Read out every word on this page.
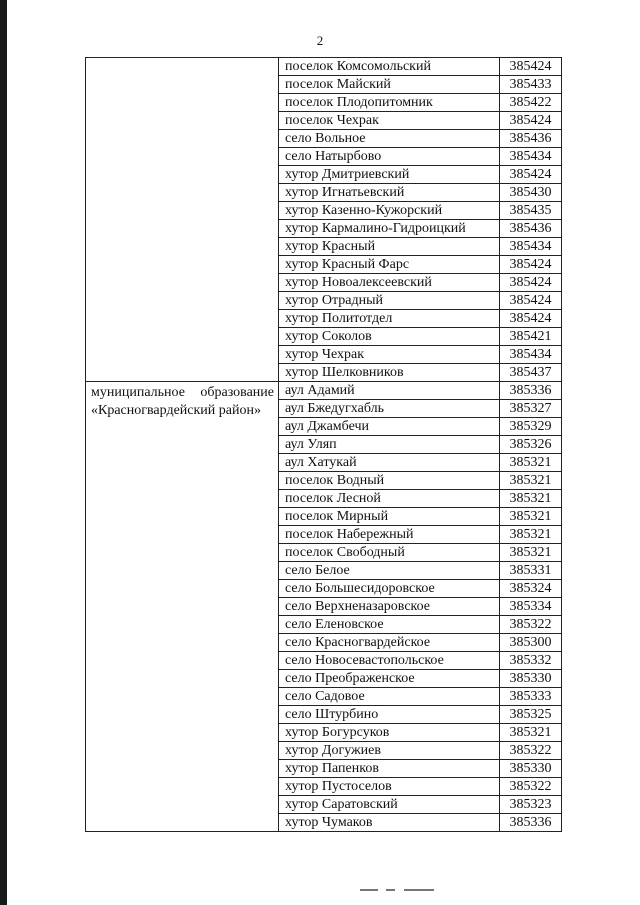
2
	поселок Комсомольский	385424
	поселок Майский	385433
	поселок Плодопитомник	385422
	поселок Чехрак	385424
	село Вольное	385436
	село Натырбово	385434
	хутор Дмитриевский	385424
	хутор Игнатьевский	385430
	хутор Казенно-Кужорский	385435
	хутор Кармалино-Гидроицкий	385436
	хутор Красный	385434
	хутор Красный Фарс	385424
	хутор Новоалексеевский	385424
	хутор Отрадный	385424
	хутор Политотдел	385424
	хутор Соколов	385421
	хутор Чехрак	385434
	хутор Шелковников	385437

муниципальное образование «Красногвардейский район»	аул Адамий	385336
	аул Бжедугхабль	385327
	аул Джамбечи	385329
	аул Уляп	385326
	аул Хатукай	385321
	поселок Водный	385321
	поселок Лесной	385321
	поселок Мирный	385321
	поселок Набережный	385321
	поселок Свободный	385321
	село Белое	385331
	село Большесидоровское	385324
	село Верхненазаровское	385334
	село Еленовское	385322
	село Красногвардейское	385300
	село Новосевастопольское	385332
	село Преображенское	385330
	село Садовое	385333
	село Штурбино	385325
	хутор Богурсуков	385321
	хутор Догужиев	385322
	хутор Папенков	385330
	хутор Пустоселов	385322
	хутор Саратовский	385323
	хутор Чумаков	385336
